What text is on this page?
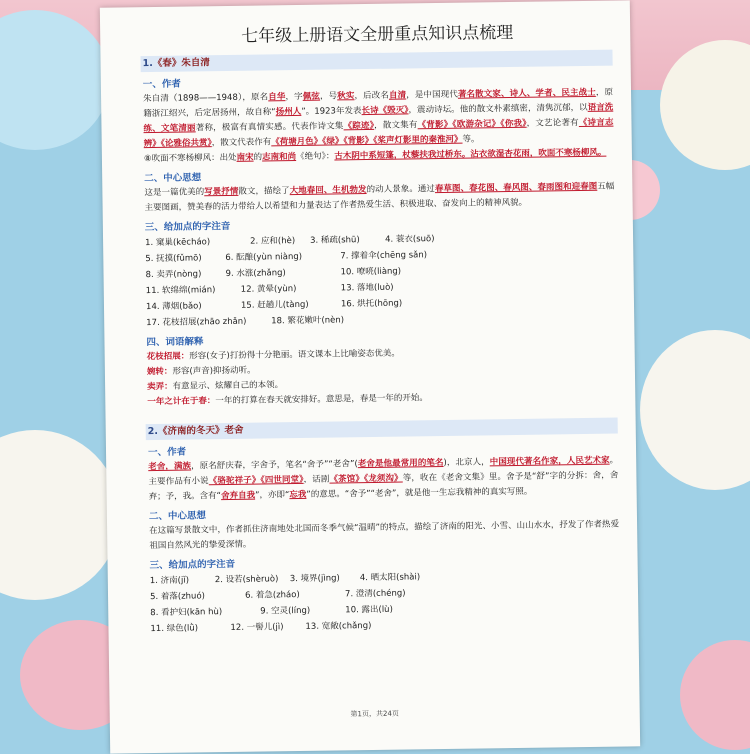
七年级上册语文全册重点知识点梳理
1.《春》朱自清
一、作者

朱自清（1898——1948），原名自华，字佩弦，号秋实，后改名自清，是中国现代著名散文家、诗人、学者、民主战士，原籍浙江绍兴，后定居扬州，故自称“扬州人”。1923年发表长诗《毁灭》，震动诗坛。他的散文朴素缜密，清隽沉郁，以语言洗练、文笔清丽著称，极富有真情实感。代表作诗文集《踪迹》，散文集有《背影》《欧游杂记》《你我》，文艺论著有《诗言志辨》《论雅俗共赏》，散文代表作有《荷塘月色》《绿》《背影》《桨声灯影里的秦淮河》等。

⑧吹面不寒杨柳风：出处南宋的志南和尚《绝句》：古木阴中系短篷，杖藜扶我过桥东。沾衣欲湿杏花雨，吹面不寒杨柳风。

二、中心思想

这是一篇优美的写景抒情散文，描绘了大地春回、生机勃发的动人景象。通过春草图、春花图、春风图、春雨图和迎春图五幅主要图画，赞美春的活力带给人以希望和力量表达了作者热爱生活、积极进取、奋发向上的精神风貌。

三、给加点的字注音

1. 窠巢(kēcháo)	2. 应和(hè) 3. 稀疏(shū)	4. 蓑衣(suō)

5. 抚摸(fǔmō)	6. 酝酿(yùn niàng)	7. 撑着伞(chēng sǎn)

8. 卖弄(nòng)	9. 水涨(zhǎng)	10. 嘹喨(liàng)

11. 软绵绵(mián)	12. 黄晕(yùn)	13. 落地(luò)

14. 薄烟(bǎo)	15. 赶趟儿(tàng)	16. 烘托(hōng)

17. 花枝招展(zhāo zhǎn)	18. 繁花嫩叶(nèn)

四、词语解释

花枝招展：形容(女子)打扮得十分艳丽。语文课本上比喻姿态优美。

婉转：形容(声音)抑扬动听。

卖弄：有意显示、炫耀自己的本领。

一年之计在于春：一年的打算在春天就安排好。意思是，春是一年的开始。

2.《济南的冬天》老舍
一、作者

老舍，满族，原名舒庆春，字舍予，笔名“舍予”“老舍”(老舍是他最常用的笔名)，北京人，中国现代著名作家，人民艺术家。主要作品有小说《骆驼祥子》《四世同堂》，话剧《茶馆》《龙须沟》等，收在《老舍文集》里。舍予是“舒”字的分拆：舍，舍弃；予，我。含有“舍弃自我”，亦即“忘我”的意思。“舍予”“老舍”，就是他一生忘我精神的真实写照。

二、中心思想

在这篇写景散文中，作者抓住济南地处北国而冬季气候“温晴”的特点，描绘了济南的阳光、小雪、山山水水，抒发了作者热爱祖国自然风光的挚爱深情。

三、给加点的字注音

1. 济南(jǐ)	2. 设若(shèruò) 3. 境界(jìng) 4. 晒太阳(shài)

5. 着落(zhuó)	6. 着急(zháo)	7. 澄清(chéng)

8. 看护妇(kān hù)	9. 空灵(líng)	10. 露出(lù)

11. 绿色(lǜ)	12. 一髻儿(jì)	13. 宽敞(chǎng)

第1页，共24页
